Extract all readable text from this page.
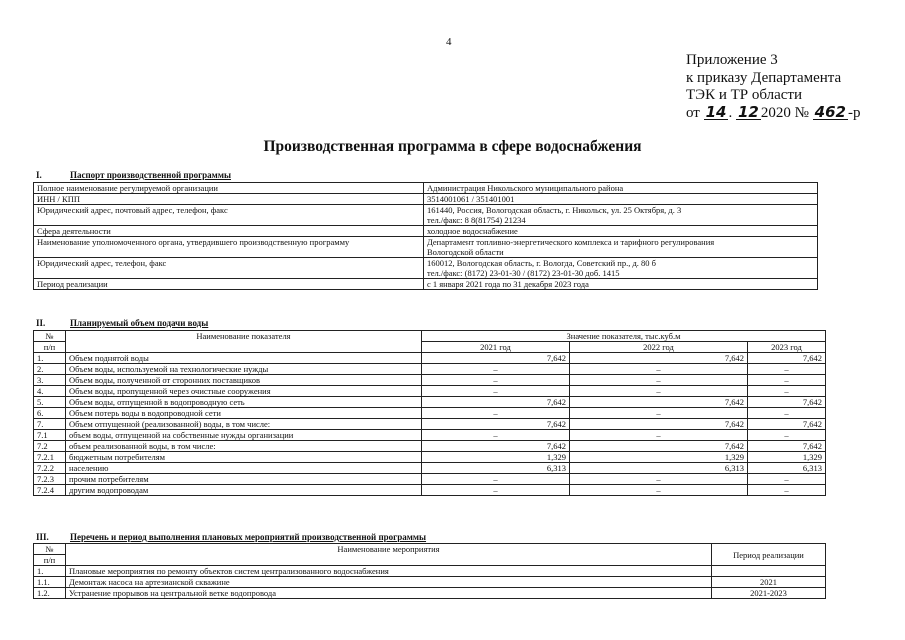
4
Приложение 3
к приказу Департамента
ТЭК и ТР области
от 14 . 12 2020 № 462 -р
Производственная программа в сфере водоснабжения
I.	Паспорт производственной программы
Полное наименование регулируемой организации	Администрация Никольского муниципального района

ИНН / КПП	3514001061 / 351401001

Юридический адрес, почтовый адрес, телефон, факс	161440, Россия, Вологодская область, г. Никольск, ул. 25 Октября, д. 3
тел./факс: 8 8(81754) 21234

Сфера деятельности	холодное водоснабжение

Наименование уполномоченного органа, утвердившего производственную программу	Департамент топливно-энергетического комплекса и тарифного регулирования
Вологодской области

Юридический адрес, телефон, факс	160012, Вологодская область, г. Вологда, Советский пр., д. 80 б
тел./факс: (8172) 23-01-30 / (8172) 23-01-30 доб. 1415

Период реализации	с 1 января 2021 года по 31 декабря 2023 года
II.	Планируемый объем подачи воды
№	Наименование показателя	Значение показателя, тыс.куб.м		
п/п		2021 год	2022 год	2023 год
1.	Объем поднятой воды	7,642	7,642	7,642
2.	Объем воды, используемой на технологические нужды	–	–	–
3.	Объем воды, полученной от сторонних поставщиков	–	–	–
4.	Объем воды, пропущенной через очистные сооружения	–	–	–
5.	Объем воды, отпущенной в водопроводную сеть	7,642	7,642	7,642
6.	Объем потерь воды в водопроводной сети	–	–	–
7.	Объем отпущенной (реализованной) воды, в том числе:	7,642	7,642	7,642
7.1	объем воды, отпущенной на собственные нужды организации	–	–	–
7.2	объем реализованной воды, в том числе:	7,642	7,642	7,642
7.2.1	бюджетным потребителям	1,329	1,329	1,329
7.2.2	населению	6,313	6,313	6,313
7.2.3	прочим потребителям	–	–	–
7.2.4	другим водопроводам	–	–	–
III. Перечень и период выполнения плановых мероприятий производственной программы
№	Наименование мероприятия	Период реализации
п/п		
1.	Плановые мероприятия по ремонту объектов систем централизованного водоснабжения	
1.1.	Демонтаж насоса на артезианской скважине	2021
1.2.	Устранение прорывов на центральной ветке водопровода	2021-2023
